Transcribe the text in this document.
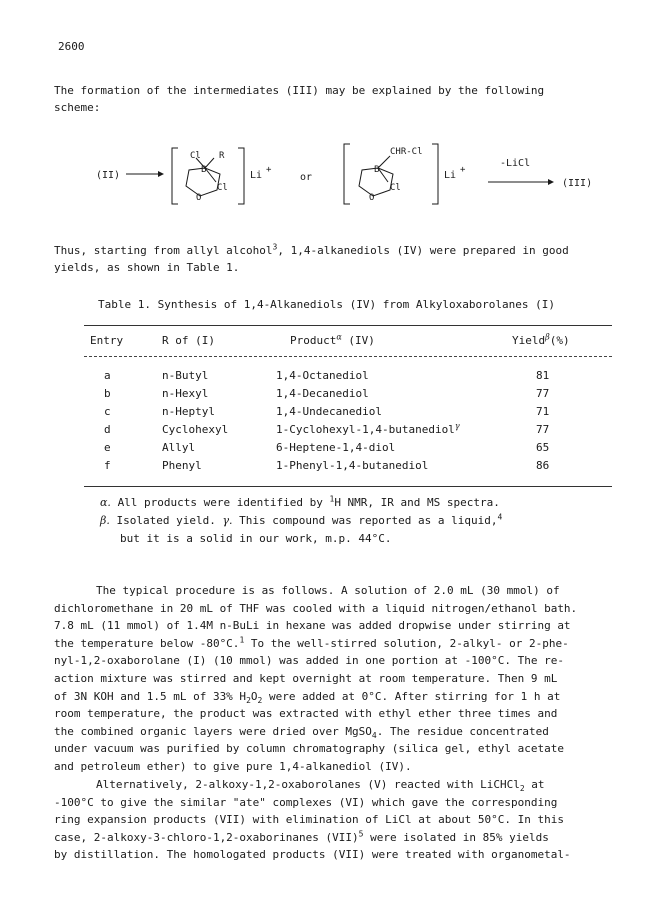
2600
The formation of the intermediates (III) may be explained by the following
scheme:
(II)
Cl R
B
O
Cl
Li +
or
CHR-Cl
B
O
Cl
Li +
-LiCl
(III)
Thus, starting from allyl alcohol$^3$, 1,4-alkanediols (IV) were prepared in good
yields, as shown in Table 1.
Table 1. Synthesis of 1,4-Alkanediols (IV) from Alkyloxaborolanes (I)
Entry	R of (I)	Product$^\alpha$ (IV)	Yield$^\beta$(%)
a	n-Butyl	1,4-Octanediol	81
b	n-Hexyl	1,4-Decanediol	77
c	n-Heptyl	1,4-Undecanediol	71
d	Cyclohexyl	1-Cyclohexyl-1,4-butanediol$^\gamma$	77
e	Allyl	6-Heptene-1,4-diol	65
f	Phenyl	1-Phenyl-1,4-butanediol	86
α. All products were identified by $^1$H NMR, IR and MS spectra.
β. Isolated yield. γ. This compound was reported as a liquid,$^4$
but it is a solid in our work, m.p. 44°C.
The typical procedure is as follows. A solution of 2.0 mL (30 mmol) of
dichloromethane in 20 mL of THF was cooled with a liquid nitrogen/ethanol bath.
7.8 mL (11 mmol) of 1.4M n-BuLi in hexane was added dropwise under stirring at
the temperature below -80°C.$^1$ To the well-stirred solution, 2-alkyl- or 2-phe-
nyl-1,2-oxaborolane (I) (10 mmol) was added in one portion at -100°C. The re-
action mixture was stirred and kept overnight at room temperature. Then 9 mL
of 3N KOH and 1.5 mL of 33% $H_2O_2$ were added at 0°C. After stirring for 1 h at
room temperature, the product was extracted with ethyl ether three times and
the combined organic layers were dried over MgSO$_4$. The residue concentrated
under vacuum was purified by column chromatography (silica gel, ethyl acetate
and petroleum ether) to give pure 1,4-alkanediol (IV).
Alternatively, 2-alkoxy-1,2-oxaborolanes (V) reacted with LiCHCl$_2$ at
-100°C to give the similar "ate" complexes (VI) which gave the corresponding
ring expansion products (VII) with elimination of LiCl at about 50°C. In this
case, 2-alkoxy-3-chloro-1,2-oxaborinanes (VII)$^5$ were isolated in 85% yields
by distillation. The homologated products (VII) were treated with organometal-
